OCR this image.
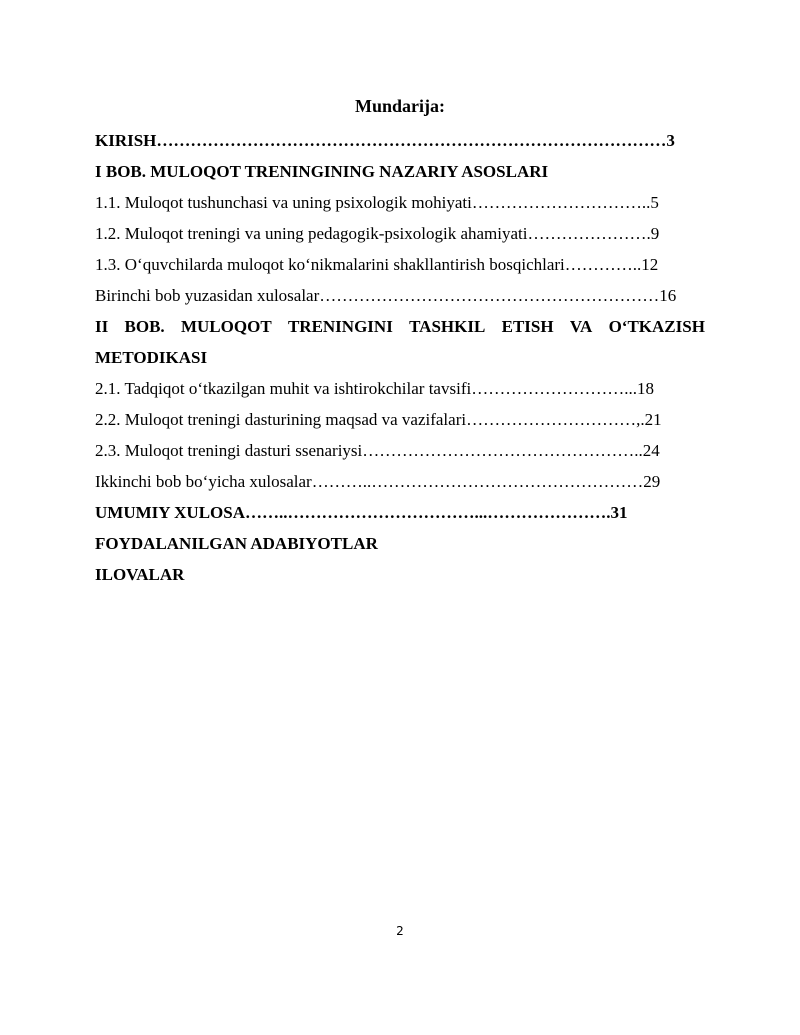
Mundarija:
KIRISH………………………………………………………………………………3
I BOB. MULOQOT TRENINGINING NAZARIY ASOSLARI
1.1. Muloqot tushunchasi va uning psixologik mohiyati…………………………..5
1.2. Muloqot treningi va uning pedagogik-psixologik ahamiyati………………….9
1.3. O‘quvchilarda muloqot ko‘nikmalarini shakllantirish bosqichlari…………..12
Birinchi bob yuzasidan xulosalar……………………………………………………16
II BOB. MULOQOT TRENINGINI TASHKIL ETISH VA O‘TKAZISH
METODIKASI
2.1. Tadqiqot o‘tkazilgan muhit va ishtirokchilar tavsifi………………………...18
2.2. Muloqot treningi dasturining maqsad va vazifalari…………………………,.21
2.3. Muloqot treningi dasturi ssenariysi…………………………………………..24
Ikkinchi bob bo‘yicha xulosalar………..…………………………………………29
UMUMIY XULOSA……..……………………………...………………….31
FOYDALANILGAN ADABIYOTLAR
ILOVALAR
2
